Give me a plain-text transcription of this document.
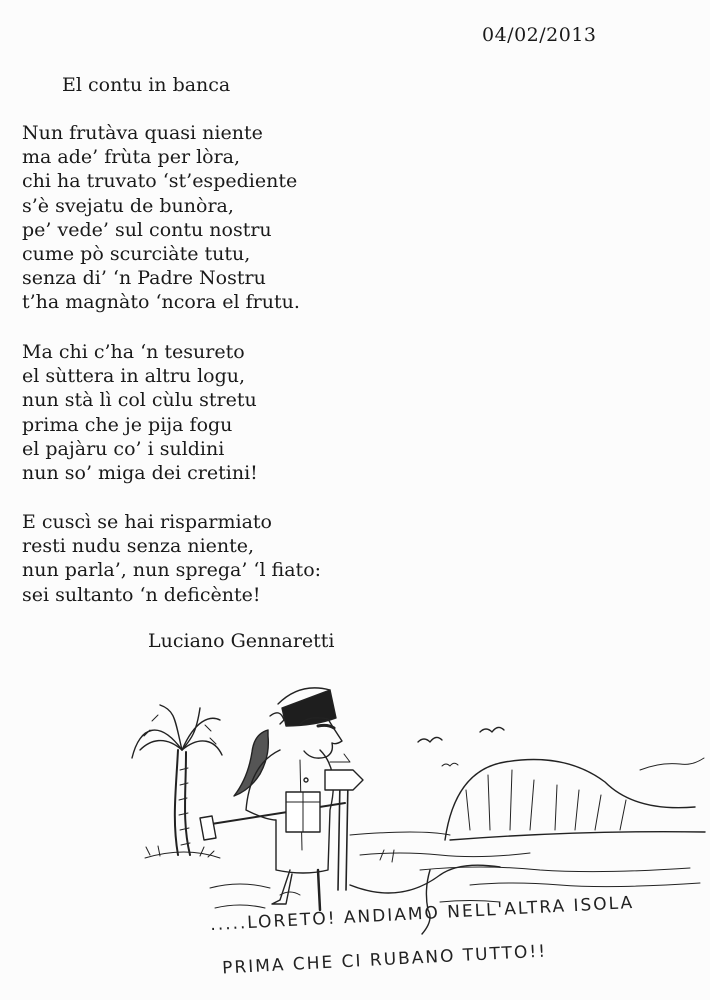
04/02/2013
El contu in banca
Nun frutàva quasi niente
ma ade’ frùta per lòra,
chi ha truvato ‘st’espediente
s’è svejatu de bunòra,
pe’ vede’ sul contu nostru
cume pò scurciàte tutu,
senza di’ ‘n Padre Nostru
t’ha magnàto ‘ncora el frutu.
Ma chi c’ha ‘n tesureto
el sùttera in altru logu,
nun stà lì col cùlu stretu
prima che je pija fogu
el pajàru co’ i suldini
nun so’ miga dei cretini!
E cuscì se hai risparmiato
resti nudu senza niente,
nun parla’, nun sprega’ ‘l fiato:
sei sultanto ‘n deficènte!
Luciano Gennaretti
.....LORETO! ANDIAMO NELL'ALTRA ISOLA
PRIMA CHE CI RUBANO TUTTO!!
